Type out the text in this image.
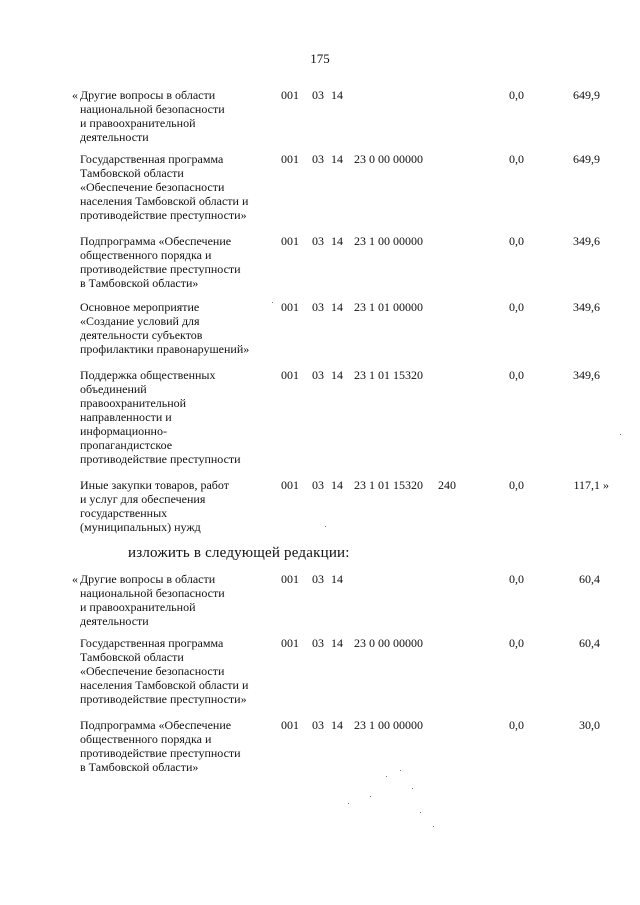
175
« Другие вопросы в области
национальной безопасности
и правоохранительной
деятельности
001 03 14	0,0	649,9
Государственная программа
Тамбовской области
«Обеспечение безопасности
населения Тамбовской области и
противодействие преступности»
001 03 14 23 0 00 00000	0,0	649,9
Подпрограмма «Обеспечение
общественного порядка и
противодействие преступности
в Тамбовской области»
001 03 14 23 1 00 00000	0,0	349,6
Основное мероприятие
«Создание условий для
деятельности субъектов
профилактики правонарушений»
001 03 14 23 1 01 00000	0,0	349,6
Поддержка общественных
объединений
правоохранительной
направленности и
информационно-
пропагандистское
противодействие преступности
001 03 14 23 1 01 15320	0,0	349,6
Иные закупки товаров, работ
и услуг для обеспечения
государственных
(муниципальных) нужд
001 03 14 23 1 01 15320 240	0,0	117,1 »
изложить в следующей редакции:
« Другие вопросы в области
национальной безопасности
и правоохранительной
деятельности
001 03 14	0,0	60,4
Государственная программа
Тамбовской области
«Обеспечение безопасности
населения Тамбовской области и
противодействие преступности»
001 03 14 23 0 00 00000	0,0	60,4
Подпрограмма «Обеспечение
общественного порядка и
противодействие преступности
в Тамбовской области»
001 03 14 23 1 00 00000	0,0	30,0
